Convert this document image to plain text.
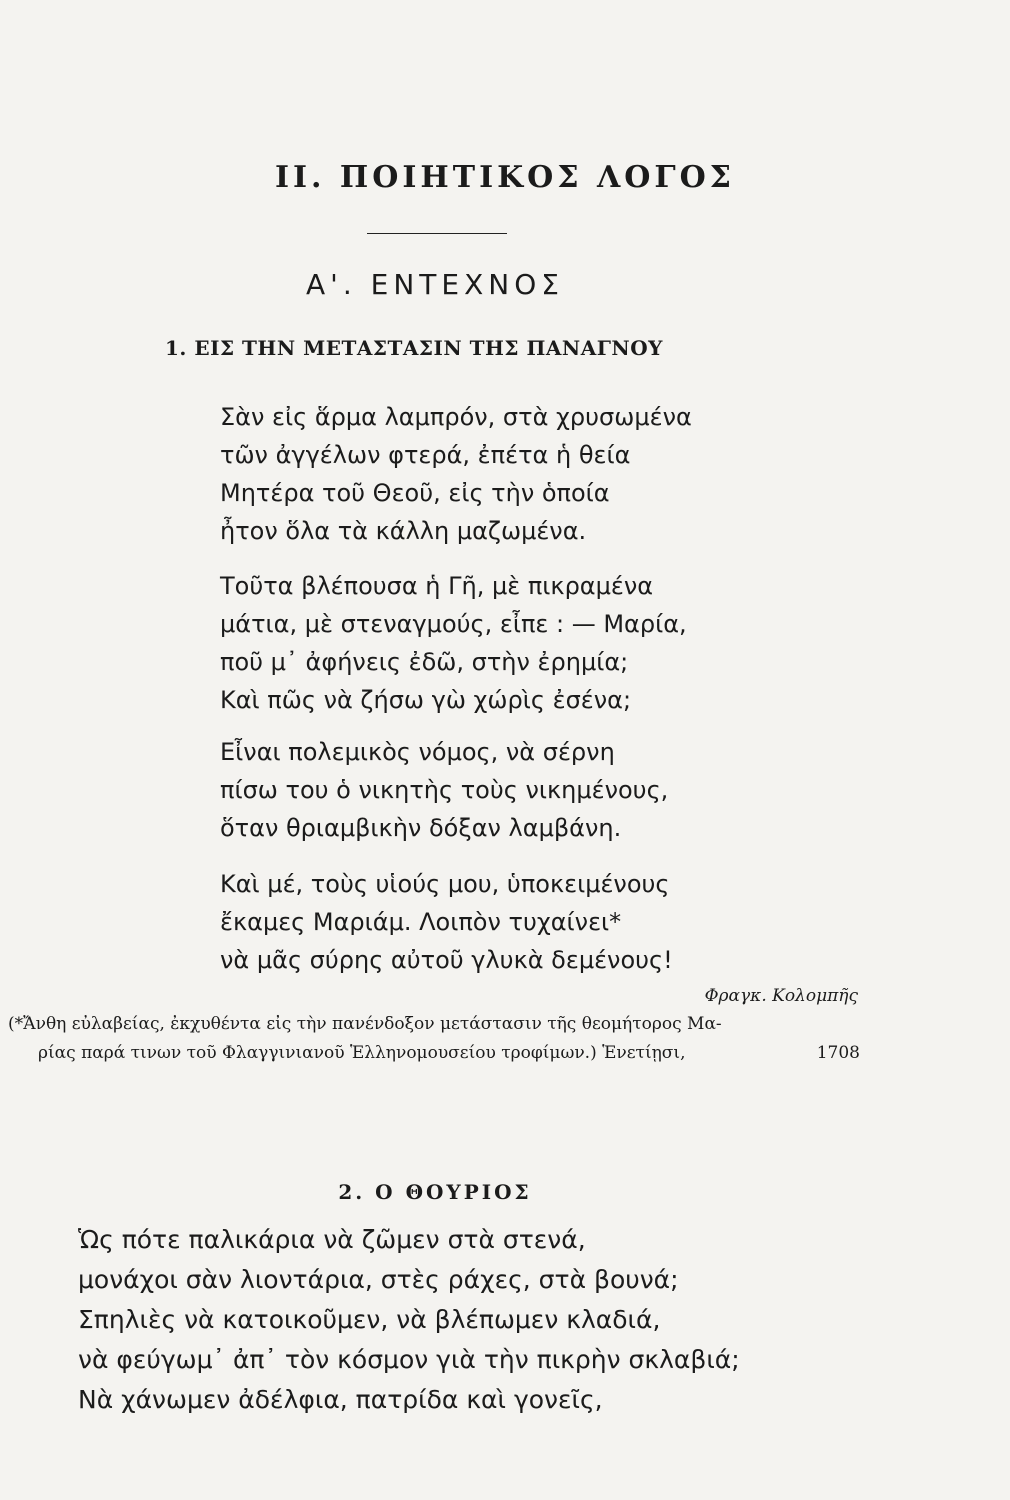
ΙΙ. ΠΟΙΗΤΙΚΟΣ ΛΟΓΟΣ
Α'. ΕΝΤΕΧΝΟΣ
1. ΕΙΣ ΤΗΝ ΜΕΤΑΣΤΑΣΙΝ ΤΗΣ ΠΑΝΑΓΝΟΥ
Σὰν εἰς ἅρμα λαμπρόν, στὰ χρυσωμένα
τῶν ἀγγέλων φτερά, ἐπέτα ἡ θεία
Μητέρα τοῦ Θεοῦ, εἰς τὴν ὁποία
ἦτον ὅλα τὰ κάλλη μαζωμένα.
Τοῦτα βλέπουσα ἡ Γῆ, μὲ πικραμένα
μάτια, μὲ στεναγμούς, εἶπε : — Μαρία,
ποῦ μ᾿ ἀφήνεις ἐδῶ, στὴν ἐρημία;
Καὶ πῶς νὰ ζήσω γὼ χώρὶς ἐσένα;
Εἶναι πολεμικὸς νόμος, νὰ σέρνη
πίσω του ὁ νικητὴς τοὺς νικημένους,
ὅταν θριαμβικὴν δόξαν λαμβάνη.
Καὶ μέ, τοὺς υἱούς μου, ὑποκειμένους
ἔκαμες Μαριάμ. Λοιπὸν τυχαίνει*
νὰ μᾶς σύρης αὐτοῦ γλυκὰ δεμένους!
Φραγκ. Κολομπῆς

(*Ἄνθη εὐλαβείας, ἐκχυθέντα εἰς τὴν πανένδοξον μετάστασιν τῆς θεομήτορος Μα-

ρίας παρά τινων τοῦ Φλαγγινιανοῦ Ἑλληνομουσείου τροφίμων.) Ἑνετίῃσι,	1708

2. Ο ΘΟΥΡΙΟΣ
Ὡς πότε παλικάρια νὰ ζῶμεν στὰ στενά,
μονάχοι σὰν λιοντάρια, στὲς ράχες, στὰ βουνά;
Σπηλιὲς νὰ κατοικοῦμεν, νὰ βλέπωμεν κλαδιά,
νὰ φεύγωμ᾿ ἀπ᾿ τὸν κόσμον γιὰ τὴν πικρὴν σκλαβιά;
Νὰ χάνωμεν ἀδέλφια, πατρίδα καὶ γονεῖς,
